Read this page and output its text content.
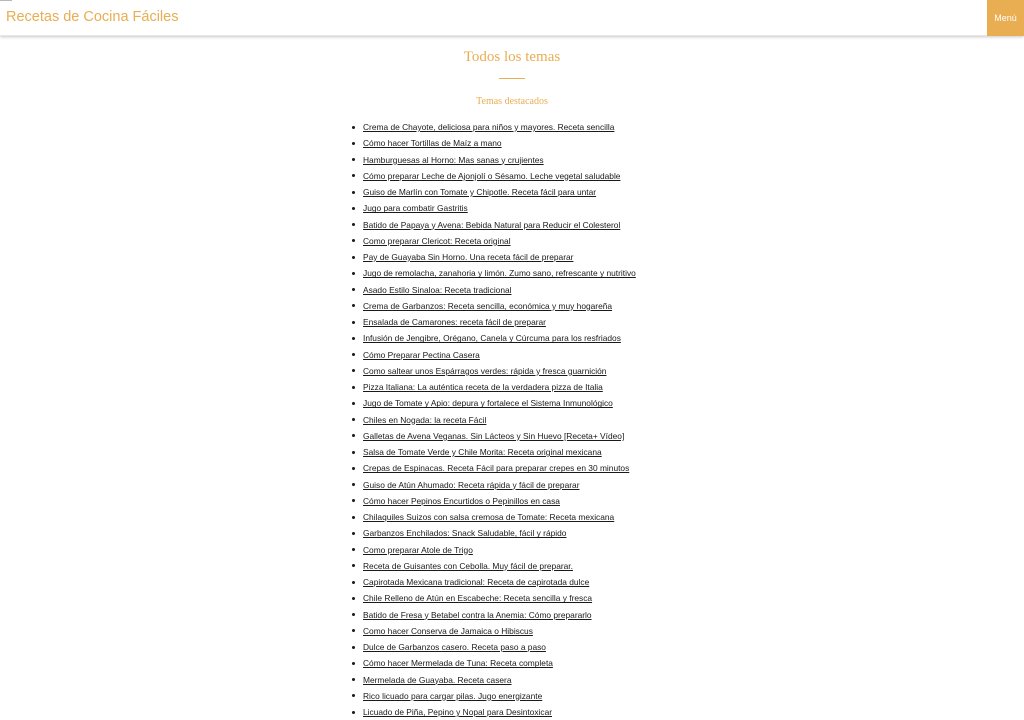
Recetas de Cocina Fáciles	Menú
Todos los temas
Temas destacados
Crema de Chayote, deliciosa para niños y mayores. Receta sencilla
Cómo hacer Tortillas de Maíz a mano
Hamburguesas al Horno: Mas sanas y crujientes
Cómo preparar Leche de Ajonjolí o Sésamo. Leche vegetal saludable
Guiso de Marlín con Tomate y Chipotle. Receta fácil para untar
Jugo para combatir Gastritis
Batido de Papaya y Avena: Bebida Natural para Reducir el Colesterol
Como preparar Clericot: Receta original
Pay de Guayaba Sin Horno. Una receta fácil de preparar
Jugo de remolacha, zanahoria y limón. Zumo sano, refrescante y nutritivo
Asado Estilo Sinaloa: Receta tradicional
Crema de Garbanzos: Receta sencilla, económica y muy hogareña
Ensalada de Camarones: receta fácil de preparar
Infusión de Jengibre, Orégano, Canela y Cúrcuma para los resfriados
Cómo Preparar Pectina Casera
Como saltear unos Espárragos verdes: rápida y fresca guarnición
Pizza Italiana: La auténtica receta de la verdadera pizza de Italia
Jugo de Tomate y Apio: depura y fortalece el Sistema Inmunológico
Chiles en Nogada: la receta Fácil
Galletas de Avena Veganas. Sin Lácteos y Sin Huevo [Receta+ Vídeo]
Salsa de Tomate Verde y Chile Morita: Receta original mexicana
Crepas de Espinacas. Receta Fácil para preparar crepes en 30 minutos
Guiso de Atún Ahumado: Receta rápida y fácil de preparar
Cómo hacer Pepinos Encurtidos o Pepinillos en casa
Chilaquiles Suizos con salsa cremosa de Tomate: Receta mexicana
Garbanzos Enchilados: Snack Saludable, fácil y rápido
Como preparar Atole de Trigo
Receta de Guisantes con Cebolla. Muy fácil de preparar.
Capirotada Mexicana tradicional: Receta de capirotada dulce
Chile Relleno de Atún en Escabeche: Receta sencilla y fresca
Batido de Fresa y Betabel contra la Anemia: Cómo prepararlo
Como hacer Conserva de Jamaica o Hibiscus
Dulce de Garbanzos casero. Receta paso a paso
Cómo hacer Mermelada de Tuna: Receta completa
Mermelada de Guayaba. Receta casera
Rico licuado para cargar pilas. Jugo energizante
Licuado de Piña, Pepino y Nopal para Desintoxicar
